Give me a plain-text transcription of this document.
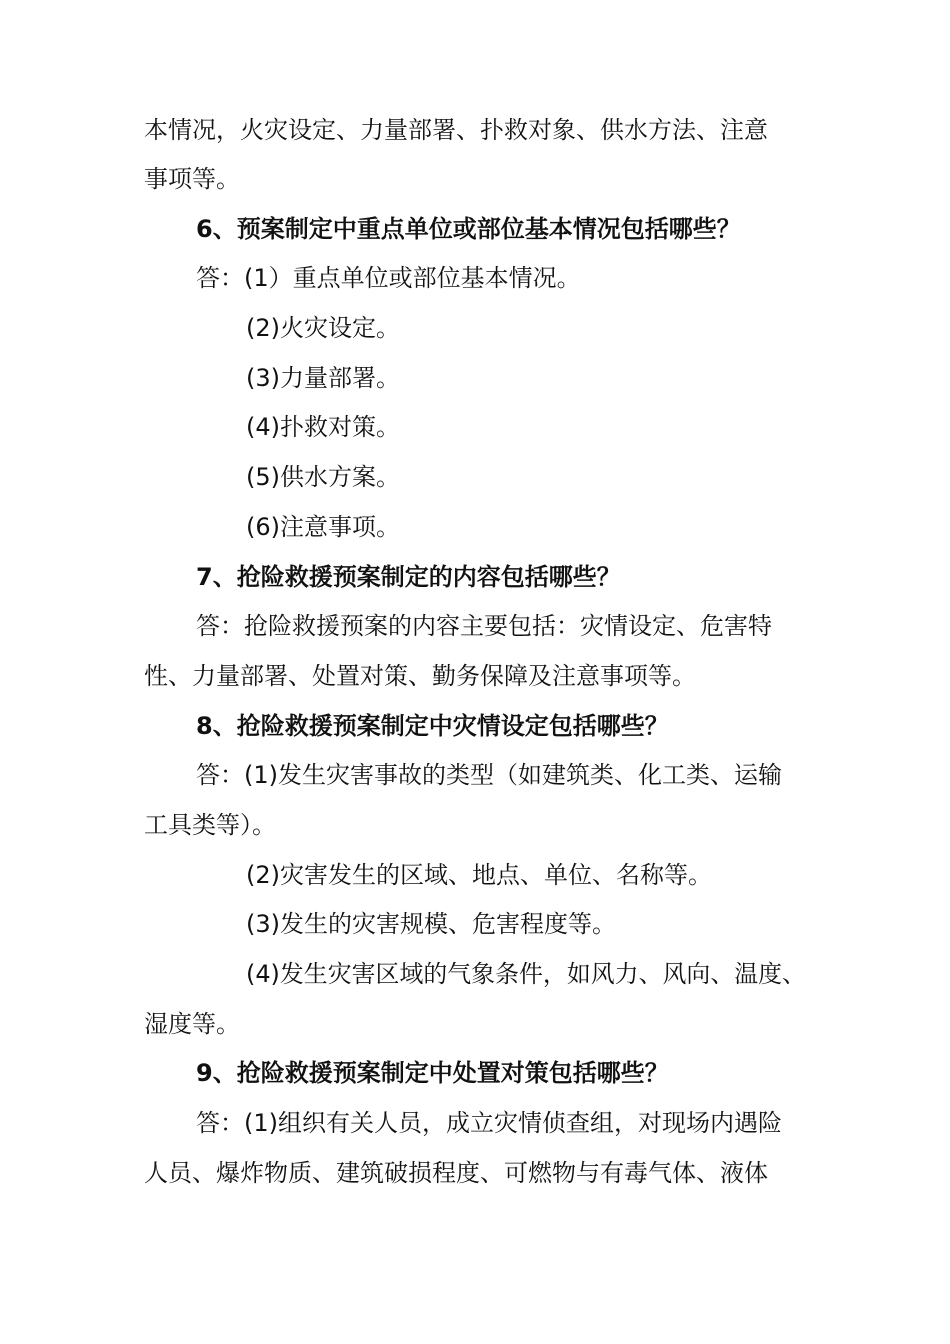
本情况，火灾设定、力量部署、扑救对象、供水方法、注意
事项等。
6、预案制定中重点单位或部位基本情况包括哪些？
答：(1）重点单位或部位基本情况。
(2)火灾设定。
(3)力量部署。
(4)扑救对策。
(5)供水方案。
(6)注意事项。
7、抢险救援预案制定的内容包括哪些？
答：抢险救援预案的内容主要包括：灾情设定、危害特
性、力量部署、处置对策、勤务保障及注意事项等。
8、抢险救援预案制定中灾情设定包括哪些？
答：(1)发生灾害事故的类型（如建筑类、化工类、运输
工具类等）。
(2)灾害发生的区域、地点、单位、名称等。
(3)发生的灾害规模、危害程度等。
(4)发生灾害区域的气象条件，如风力、风向、温度、
湿度等。
9、抢险救援预案制定中处置对策包括哪些？
答：(1)组织有关人员，成立灾情侦查组，对现场内遇险
人员、爆炸物质、建筑破损程度、可燃物与有毒气体、液体
